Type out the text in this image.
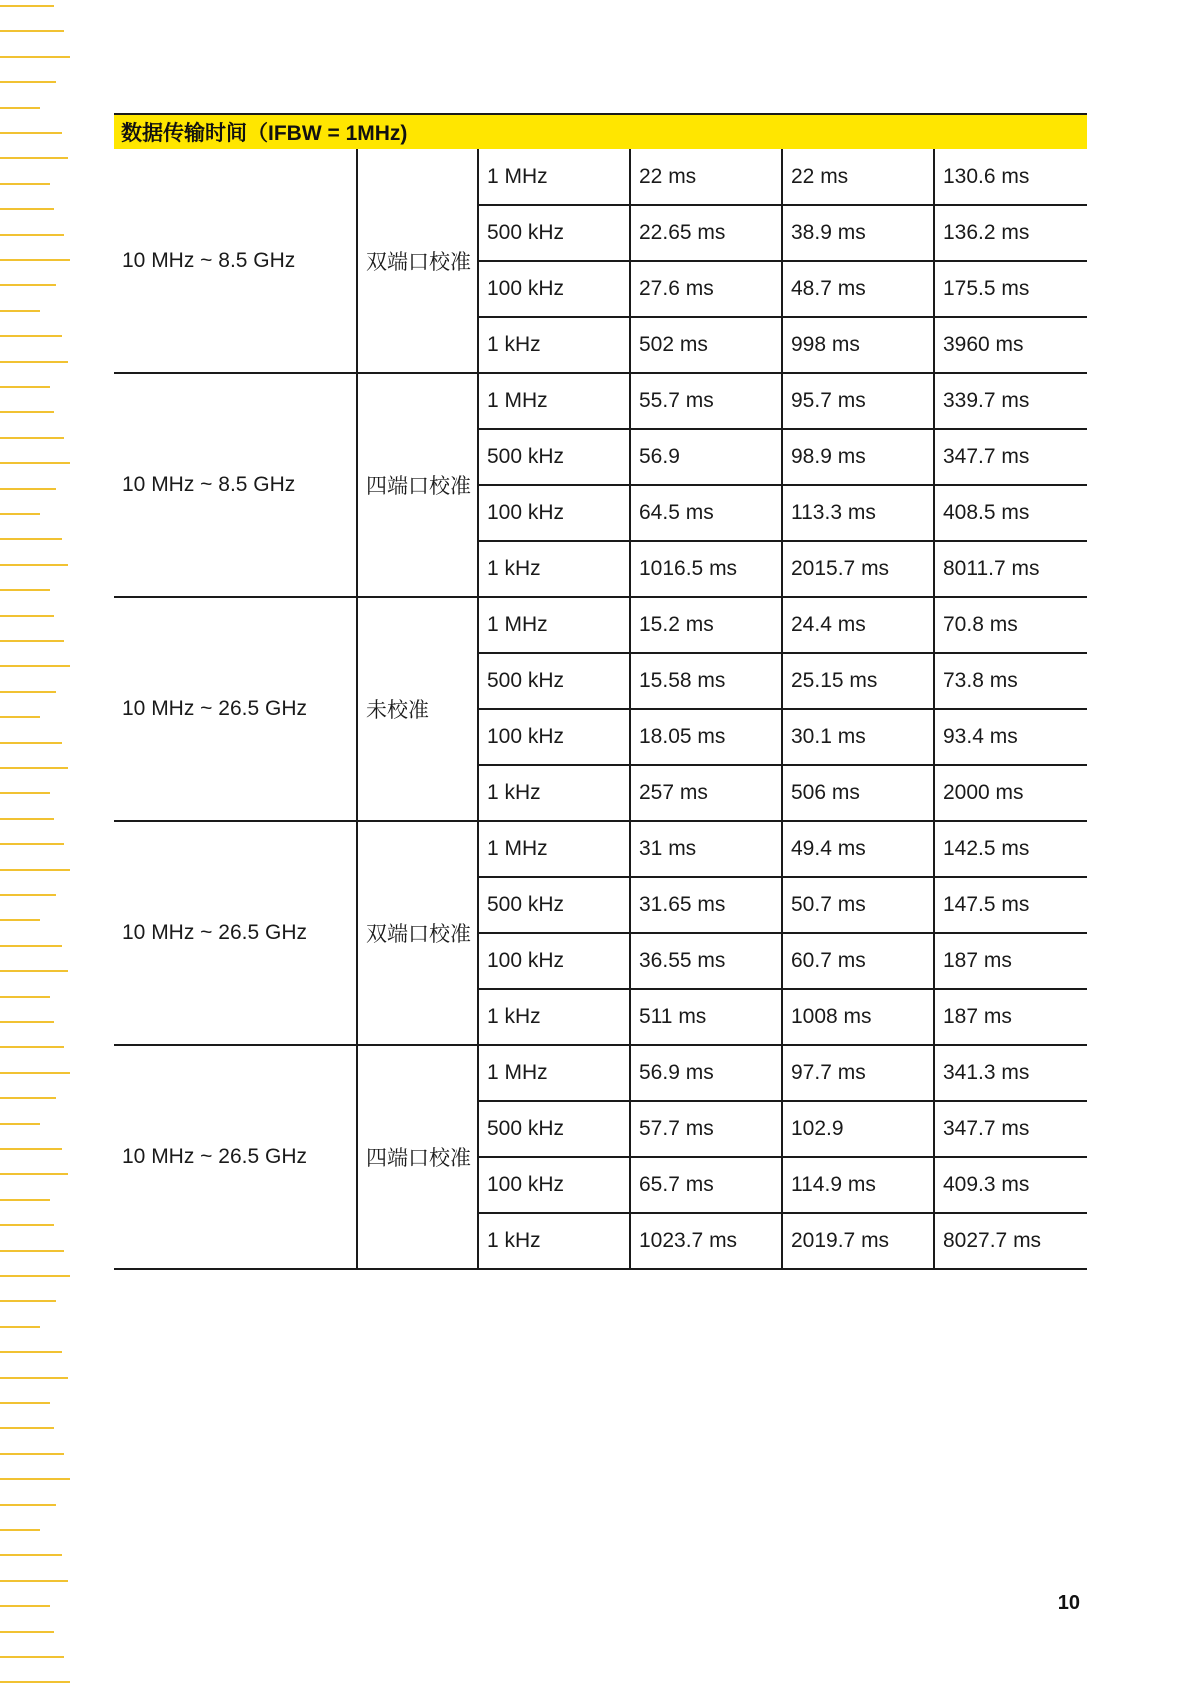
数据传输时间（IFBW = 1MHz)
10 MHz ~ 8.5 GHz	双端口校准	1 MHz	22 ms	22 ms	130.6 ms
		500 kHz	22.65 ms	38.9 ms	136.2 ms
		100 kHz	27.6 ms	48.7 ms	175.5 ms
		1 kHz	502 ms	998 ms	3960 ms
10 MHz ~ 8.5 GHz	四端口校准	1 MHz	55.7 ms	95.7 ms	339.7 ms
		500 kHz	56.9	98.9 ms	347.7 ms
		100 kHz	64.5 ms	113.3 ms	408.5 ms
		1 kHz	1016.5 ms	2015.7 ms	8011.7 ms
10 MHz ~ 26.5 GHz	未校准	1 MHz	15.2 ms	24.4 ms	70.8 ms
		500 kHz	15.58 ms	25.15 ms	73.8 ms
		100 kHz	18.05 ms	30.1 ms	93.4 ms
		1 kHz	257 ms	506 ms	2000 ms
10 MHz ~ 26.5 GHz	双端口校准	1 MHz	31 ms	49.4 ms	142.5 ms
		500 kHz	31.65 ms	50.7 ms	147.5 ms
		100 kHz	36.55 ms	60.7 ms	187 ms
		1 kHz	511 ms	1008 ms	187 ms
10 MHz ~ 26.5 GHz	四端口校准	1 MHz	56.9 ms	97.7 ms	341.3 ms
		500 kHz	57.7 ms	102.9	347.7 ms
		100 kHz	65.7 ms	114.9 ms	409.3 ms
		1 kHz	1023.7 ms	2019.7 ms	8027.7 ms
10
